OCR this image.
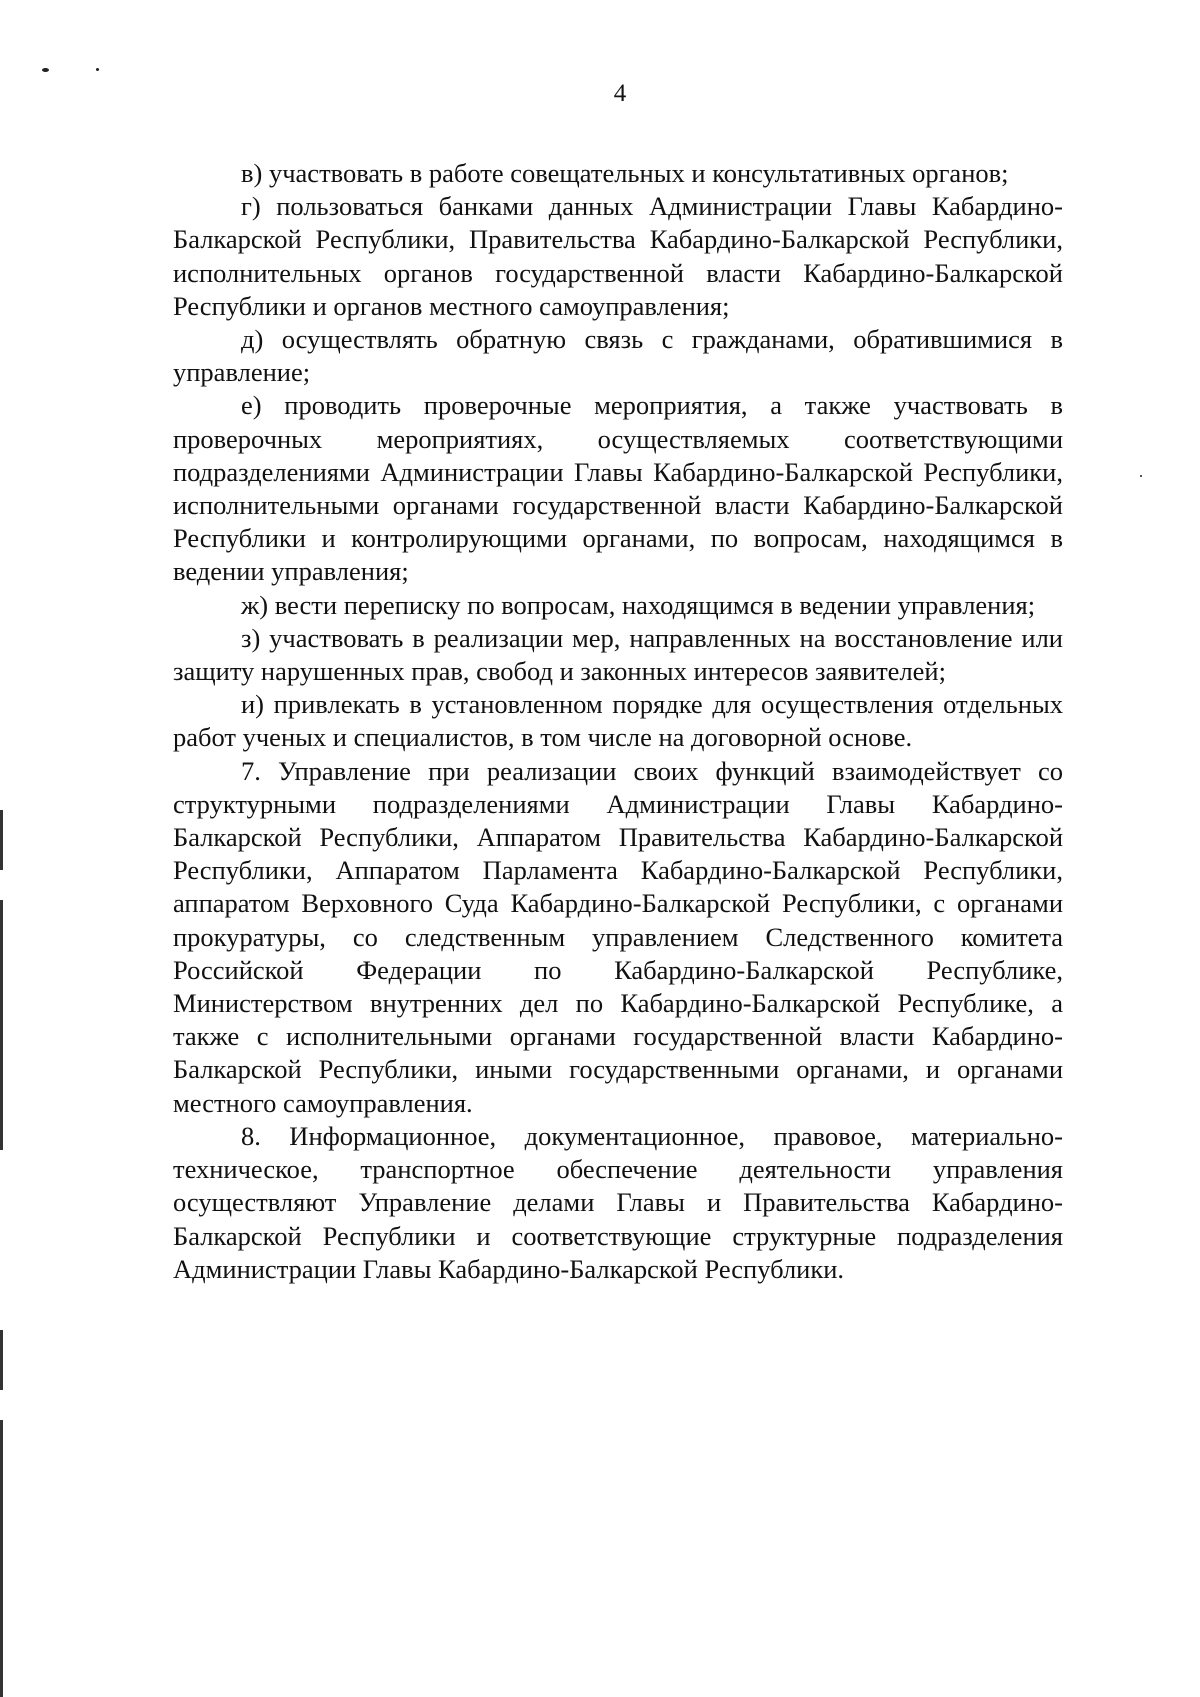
4

в) участвовать в работе совещательных и консультативных органов;

г) пользоваться банками данных Администрации Главы Кабардино-Балкарской Республики, Правительства Кабардино-Балкарской Республики, исполнительных органов государственной власти Кабардино-Балкарской Республики и органов местного самоуправления;

д) осуществлять обратную связь с гражданами, обратившимися в управление;

е) проводить проверочные мероприятия, а также участвовать в проверочных мероприятиях, осуществляемых соответствующими подразделениями Администрации Главы Кабардино-Балкарской Республики, исполнительными органами государственной власти Кабардино-Балкарской Республики и контролирующими органами, по вопросам, находящимся в ведении управления;

ж) вести переписку по вопросам, находящимся в ведении управления;

з) участвовать в реализации мер, направленных на восстановление или защиту нарушенных прав, свобод и законных интересов заявителей;

и) привлекать в установленном порядке для осуществления отдельных работ ученых и специалистов, в том числе на договорной основе.

7. Управление при реализации своих функций взаимодействует со структурными подразделениями Администрации Главы Кабардино-Балкарской Республики, Аппаратом Правительства Кабардино-Балкарской Республики, Аппаратом Парламента Кабардино-Балкарской Республики, аппаратом Верховного Суда Кабардино-Балкарской Республики, с органами прокуратуры, со следственным управлением Следственного комитета Российской Федерации по Кабардино-Балкарской Республике, Министерством внутренних дел по Кабардино-Балкарской Республике, а также с исполнительными органами государственной власти Кабардино-Балкарской Республики, иными государственными органами, и органами местного самоуправления.

8. Информационное, документационное, правовое, материально-техническое, транспортное обеспечение деятельности управления осуществляют Управление делами Главы и Правительства Кабардино-Балкарской Республики и соответствующие структурные подразделения Администрации Главы Кабардино-Балкарской Республики.
